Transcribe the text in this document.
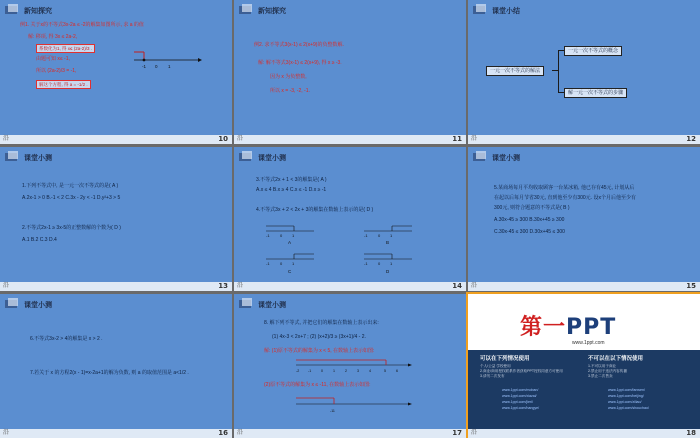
新知探究
例1. 关于x的不等式3x-2a ≤ -2的解集如图所示, 求 a 的值
解: 移项, 得 3x ≤ 2a-2,
系数化为1, 得 x≤ (2a-2)/3 .
由题可知 x≤ -1,
所以 (2a-2)/3 = -1,
解这个方程, 得 a = -1/2 .
-1 0 1
沿	10
新知探究
例2. 求不等式3(x-1) ≤ 2(x+9)的负整数解.
解: 解不等式3(x-1) ≤ 2(x+9), 得 x ≥ -3.
因为 x 为负整数,
所以 x = -3, -2, -1.
沿	11
课堂小结
一元一次不等式的解法
一元一次不等式的概念
解一元一次不等式的步骤
沿	12
课堂小测
1.下列不等式中, 是一元一次不等式的是( A )
A.2x-1 > 0 B.-1 < 2 C.3x - 2y < -1 D.y²+3 > 5
2.不等式2x-1 ≥ 3x-5的正整数解的个数为( D )
A.1 B.2 C.3 D.4
沿	13
课堂小测
3.不等式2x + 1 < 3的解集是( A )
A.x ≤ 4 B.x ≥ 4 C.x ≤ -1 D.x ≥ -1
4.不等式3x + 2 < 2x + 3的解集在数轴上表示的是( D )
-1	0 1
A
-1	0 1
B
-1	0 1
C
-1	0 1
D
沿	14
课堂小测
5.某商场每月平均收取顾客一台某冰箱, 他已存有45元, 计划从后
在起以后每月节省30元, 直到他至少有300元. 设x个月后他至少有
300元, 则符合题意的不等式是( B )
A.30x-45 ≥ 300 B.30x+45 ≥ 300
C.30x-45 ≤ 300 D.30x+45 ≤ 300
沿	15
课堂小测
6.不等式3x-2 > 4的解集是 x > 2 .
7.若关于 x 的方程2(x - 1)=x-2a+1的解为负数, 则 a 的取值范围是 a<1/2 .
沿	16
课堂小测
8. 解下列不等式, 并把它们的解集在数轴上表示出来:
(1) 4x-3 < 2x+7 ; (2) (x+2)/3 ≥ (3x+1)/4 - 2.
解: (1)原不等式的解集为 x < 5, 在数轴上表示如图:
-2 -1	0	1	2	3	4	5	6
(2)原不等式的解集为 x ≤ -11, 在数轴上表示如图:
-11
沿	17
第一PPT
www.1ppt.com
可以在下列情况使用	不可以在以下情况使用
个人/公益 学校使用
2.商业/商用授权联系作者获取PPT授权同意方可使用
3.请勿二次发布
www.1ppt.com/moban/
www.1ppt.com/xiazai/
www.1ppt.com/jieri/
www.1ppt.com/hangye/
1.不可以用于商业
2.禁止用于违法内容传播
3.禁止二次售卖
www.1ppt.com/fanwen/
www.1ppt.com/beijing/
www.1ppt.com/ziliao/
www.1ppt.com/shouchao/
沿	18
